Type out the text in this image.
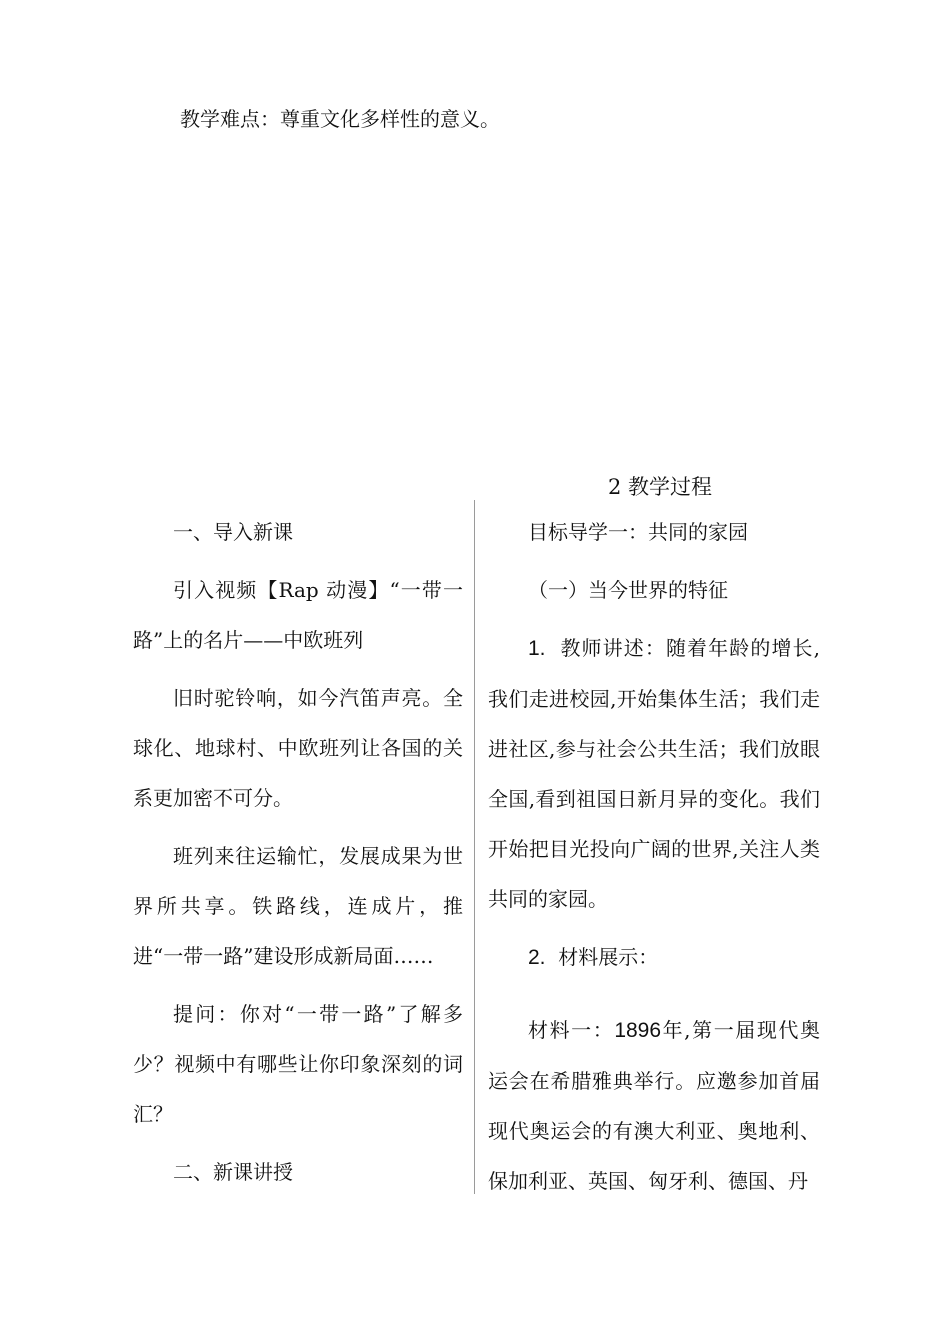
教学难点：尊重文化多样性的意义。

2 教学过程

一、导入新课

引入视频【Rap 动漫】“一带一路”上的名片——中欧班列

旧时驼铃响，如今汽笛声亮。全球化、地球村、中欧班列让各国的关系更加密不可分。

班列来往运输忙，发展成果为世界所共享。铁路线，连成片，推进“一带一路”建设形成新局面……

提问：你对“一带一路”了解多少？视频中有哪些让你印象深刻的词汇？

二、新课讲授

目标导学一：共同的家园

（一）当今世界的特征

1. 教师讲述：随着年龄的增长,我们走进校园,开始集体生活；我们走进社区,参与社会公共生活；我们放眼全国,看到祖国日新月异的变化。我们开始把目光投向广阔的世界,关注人类共同的家园。

2. 材料展示：

材料一：1896年,第一届现代奥运会在希腊雅典举行。应邀参加首届现代奥运会的有澳大利亚、奥地利、保加利亚、英国、匈牙利、德国、丹
